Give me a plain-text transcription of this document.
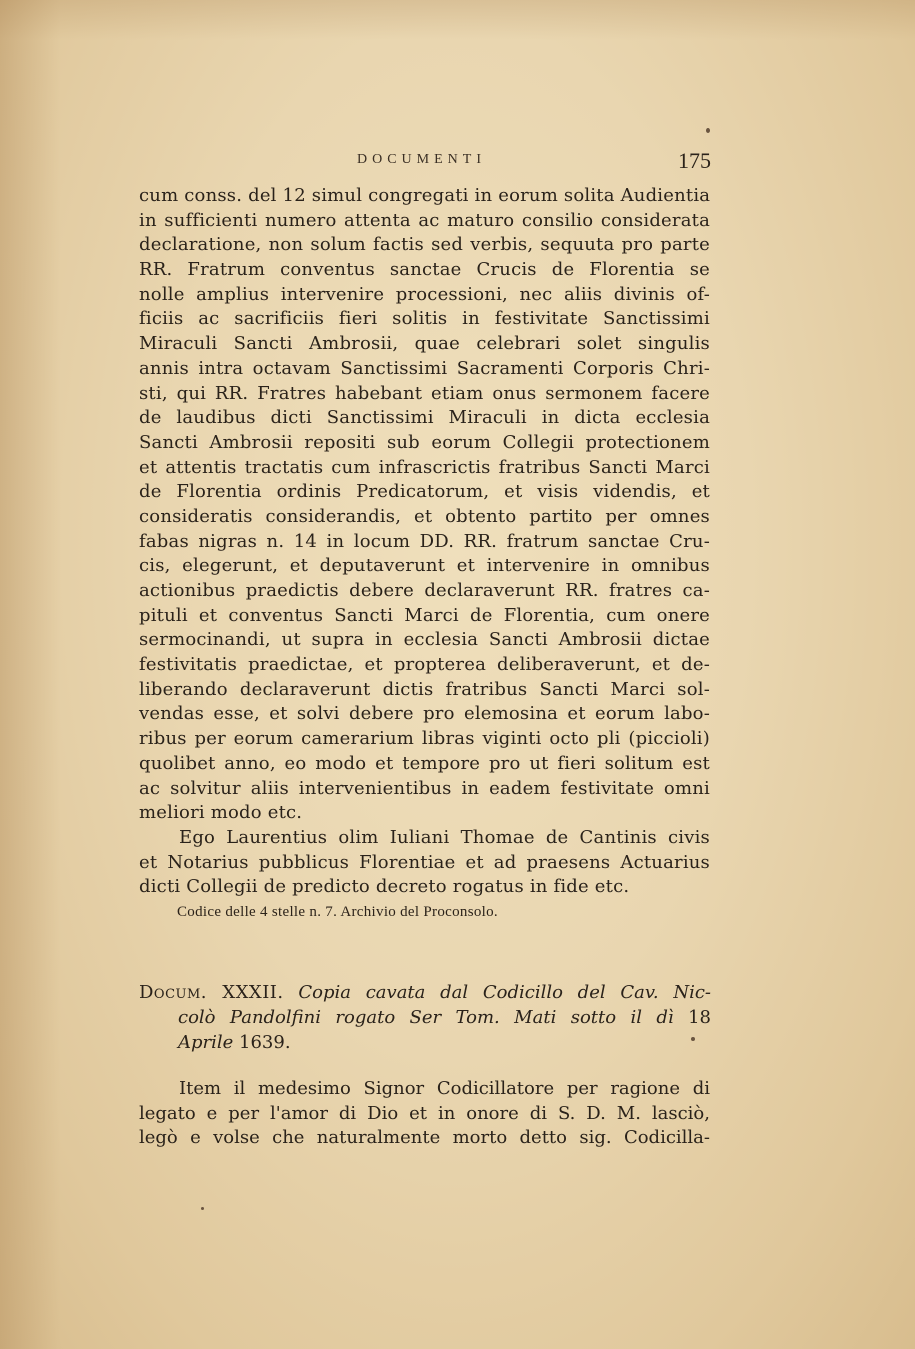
DOCUMENTI	175
cum conss. del 12 simul congregati in eorum solita Audientia
in sufficienti numero attenta ac maturo consilio considerata
declaratione, non solum factis sed verbis, sequuta pro parte
RR. Fratrum conventus sanctae Crucis de Florentia se
nolle amplius intervenire processioni, nec aliis divinis of-
ficiis ac sacrificiis fieri solitis in festivitate Sanctissimi
Miraculi Sancti Ambrosii, quae celebrari solet singulis
annis intra octavam Sanctissimi Sacramenti Corporis Chri-
sti, qui RR. Fratres habebant etiam onus sermonem facere
de laudibus dicti Sanctissimi Miraculi in dicta ecclesia
Sancti Ambrosii repositi sub eorum Collegii protectionem
et attentis tractatis cum infrascrictis fratribus Sancti Marci
de Florentia ordinis Predicatorum, et visis videndis, et
consideratis considerandis, et obtento partito per omnes
fabas nigras n. 14 in locum DD. RR. fratrum sanctae Cru-
cis, elegerunt, et deputaverunt et intervenire in omnibus
actionibus praedictis debere declaraverunt RR. fratres ca-
pituli et conventus Sancti Marci de Florentia, cum onere
sermocinandi, ut supra in ecclesia Sancti Ambrosii dictae
festivitatis praedictae, et propterea deliberaverunt, et de-
liberando declaraverunt dictis fratribus Sancti Marci sol-
vendas esse, et solvi debere pro elemosina et eorum labo-
ribus per eorum camerarium libras viginti octo pli (piccioli)
quolibet anno, eo modo et tempore pro ut fieri solitum est
ac solvitur aliis intervenientibus in eadem festivitate omni
meliori modo etc.
Ego Laurentius olim Iuliani Thomae de Cantinis civis
et Notarius pubblicus Florentiae et ad praesens Actuarius
dicti Collegii de predicto decreto rogatus in fide etc.
Codice delle 4 stelle n. 7. Archivio del Proconsolo.
Docum. XXXII. Copia cavata dal Codicillo del Cav. Nic-
colò Pandolfini rogato Ser Tom. Mati sotto il dì 18
Aprile 1639.
Item il medesimo Signor Codicillatore per ragione di
legato e per l'amor di Dio et in onore di S. D. M. lasciò,
legò e volse che naturalmente morto detto sig. Codicilla-
